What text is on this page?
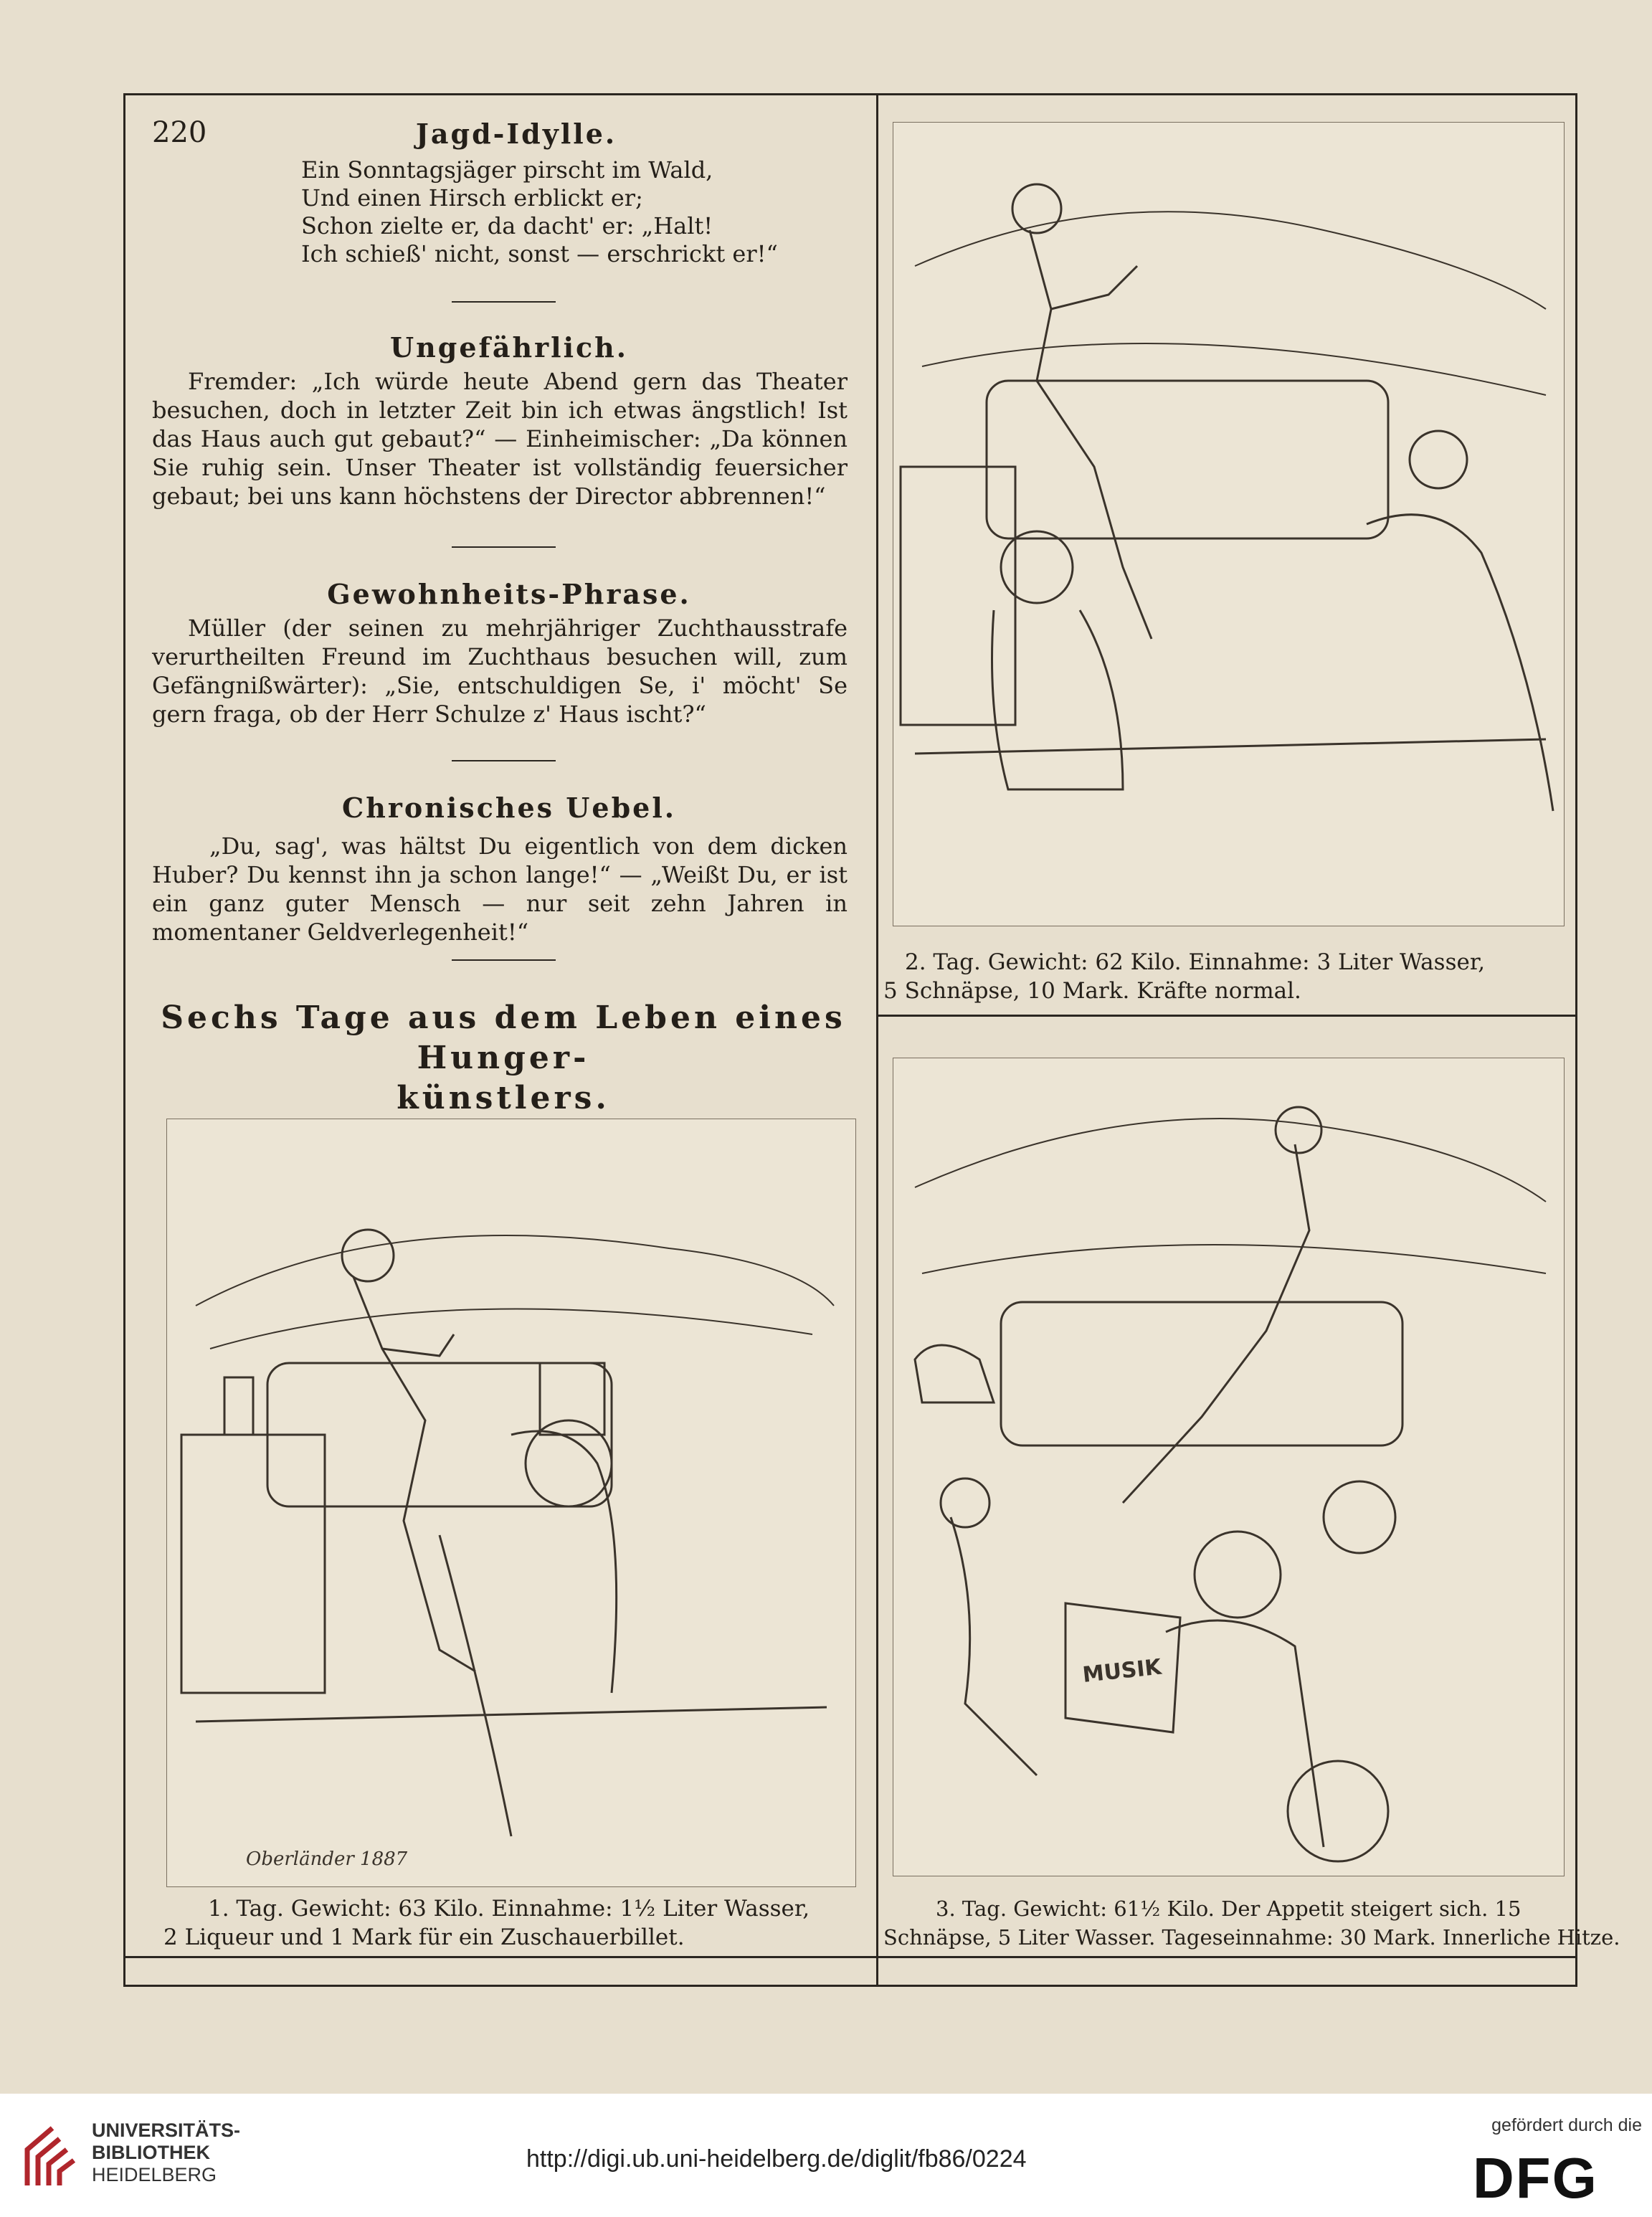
220	Jagd-Idylle.
Ein Sonntagsjäger pirscht im Wald,
Und einen Hirsch erblickt er;
Schon zielte er, da dacht' er: „Halt!
Ich schieß' nicht, sonst — erschrickt er!“
Ungefährlich.
Fremder: „Ich würde heute Abend gern das Theater besuchen, doch in letzter Zeit bin ich etwas ängstlich! Ist das Haus auch gut gebaut?“ — Einheimischer: „Da können Sie ruhig sein. Unser Theater ist vollständig feuersicher gebaut; bei uns kann höchstens der Director abbrennen!“
Gewohnheits-Phrase.
Müller (der seinen zu mehrjähriger Zuchthausstrafe verurtheilten Freund im Zuchthaus besuchen will, zum Gefängnißwärter): „Sie, entschuldigen Se, i' möcht' Se gern fraga, ob der Herr Schulze z' Haus ischt?“
Chronisches Uebel.
„Du, sag', was hältst Du eigentlich von dem dicken Huber? Du kennst ihn ja schon lange!“ — „Weißt Du, er ist ein ganz guter Mensch — nur seit zehn Jahren in momentaner Geldverlegenheit!“
Sechs Tage aus dem Leben eines Hunger-
künstlers.
Oberländer 1887
MUSIK
2. Tag. Gewicht: 62 Kilo. Einnahme: 3 Liter Wasser,
5 Schnäpse, 10 Mark. Kräfte normal.
1. Tag. Gewicht: 63 Kilo. Einnahme: 1½ Liter Wasser,
2 Liqueur und 1 Mark für ein Zuschauerbillet.
3. Tag. Gewicht: 61½ Kilo. Der Appetit steigert sich. 15
Schnäpse, 5 Liter Wasser. Tageseinnahme: 30 Mark. Innerliche Hitze.
UNIVERSITÄTS-
BIBLIOTHEK
HEIDELBERG
http://digi.ub.uni-heidelberg.de/diglit/fb86/0224
gefördert durch die
DFG
